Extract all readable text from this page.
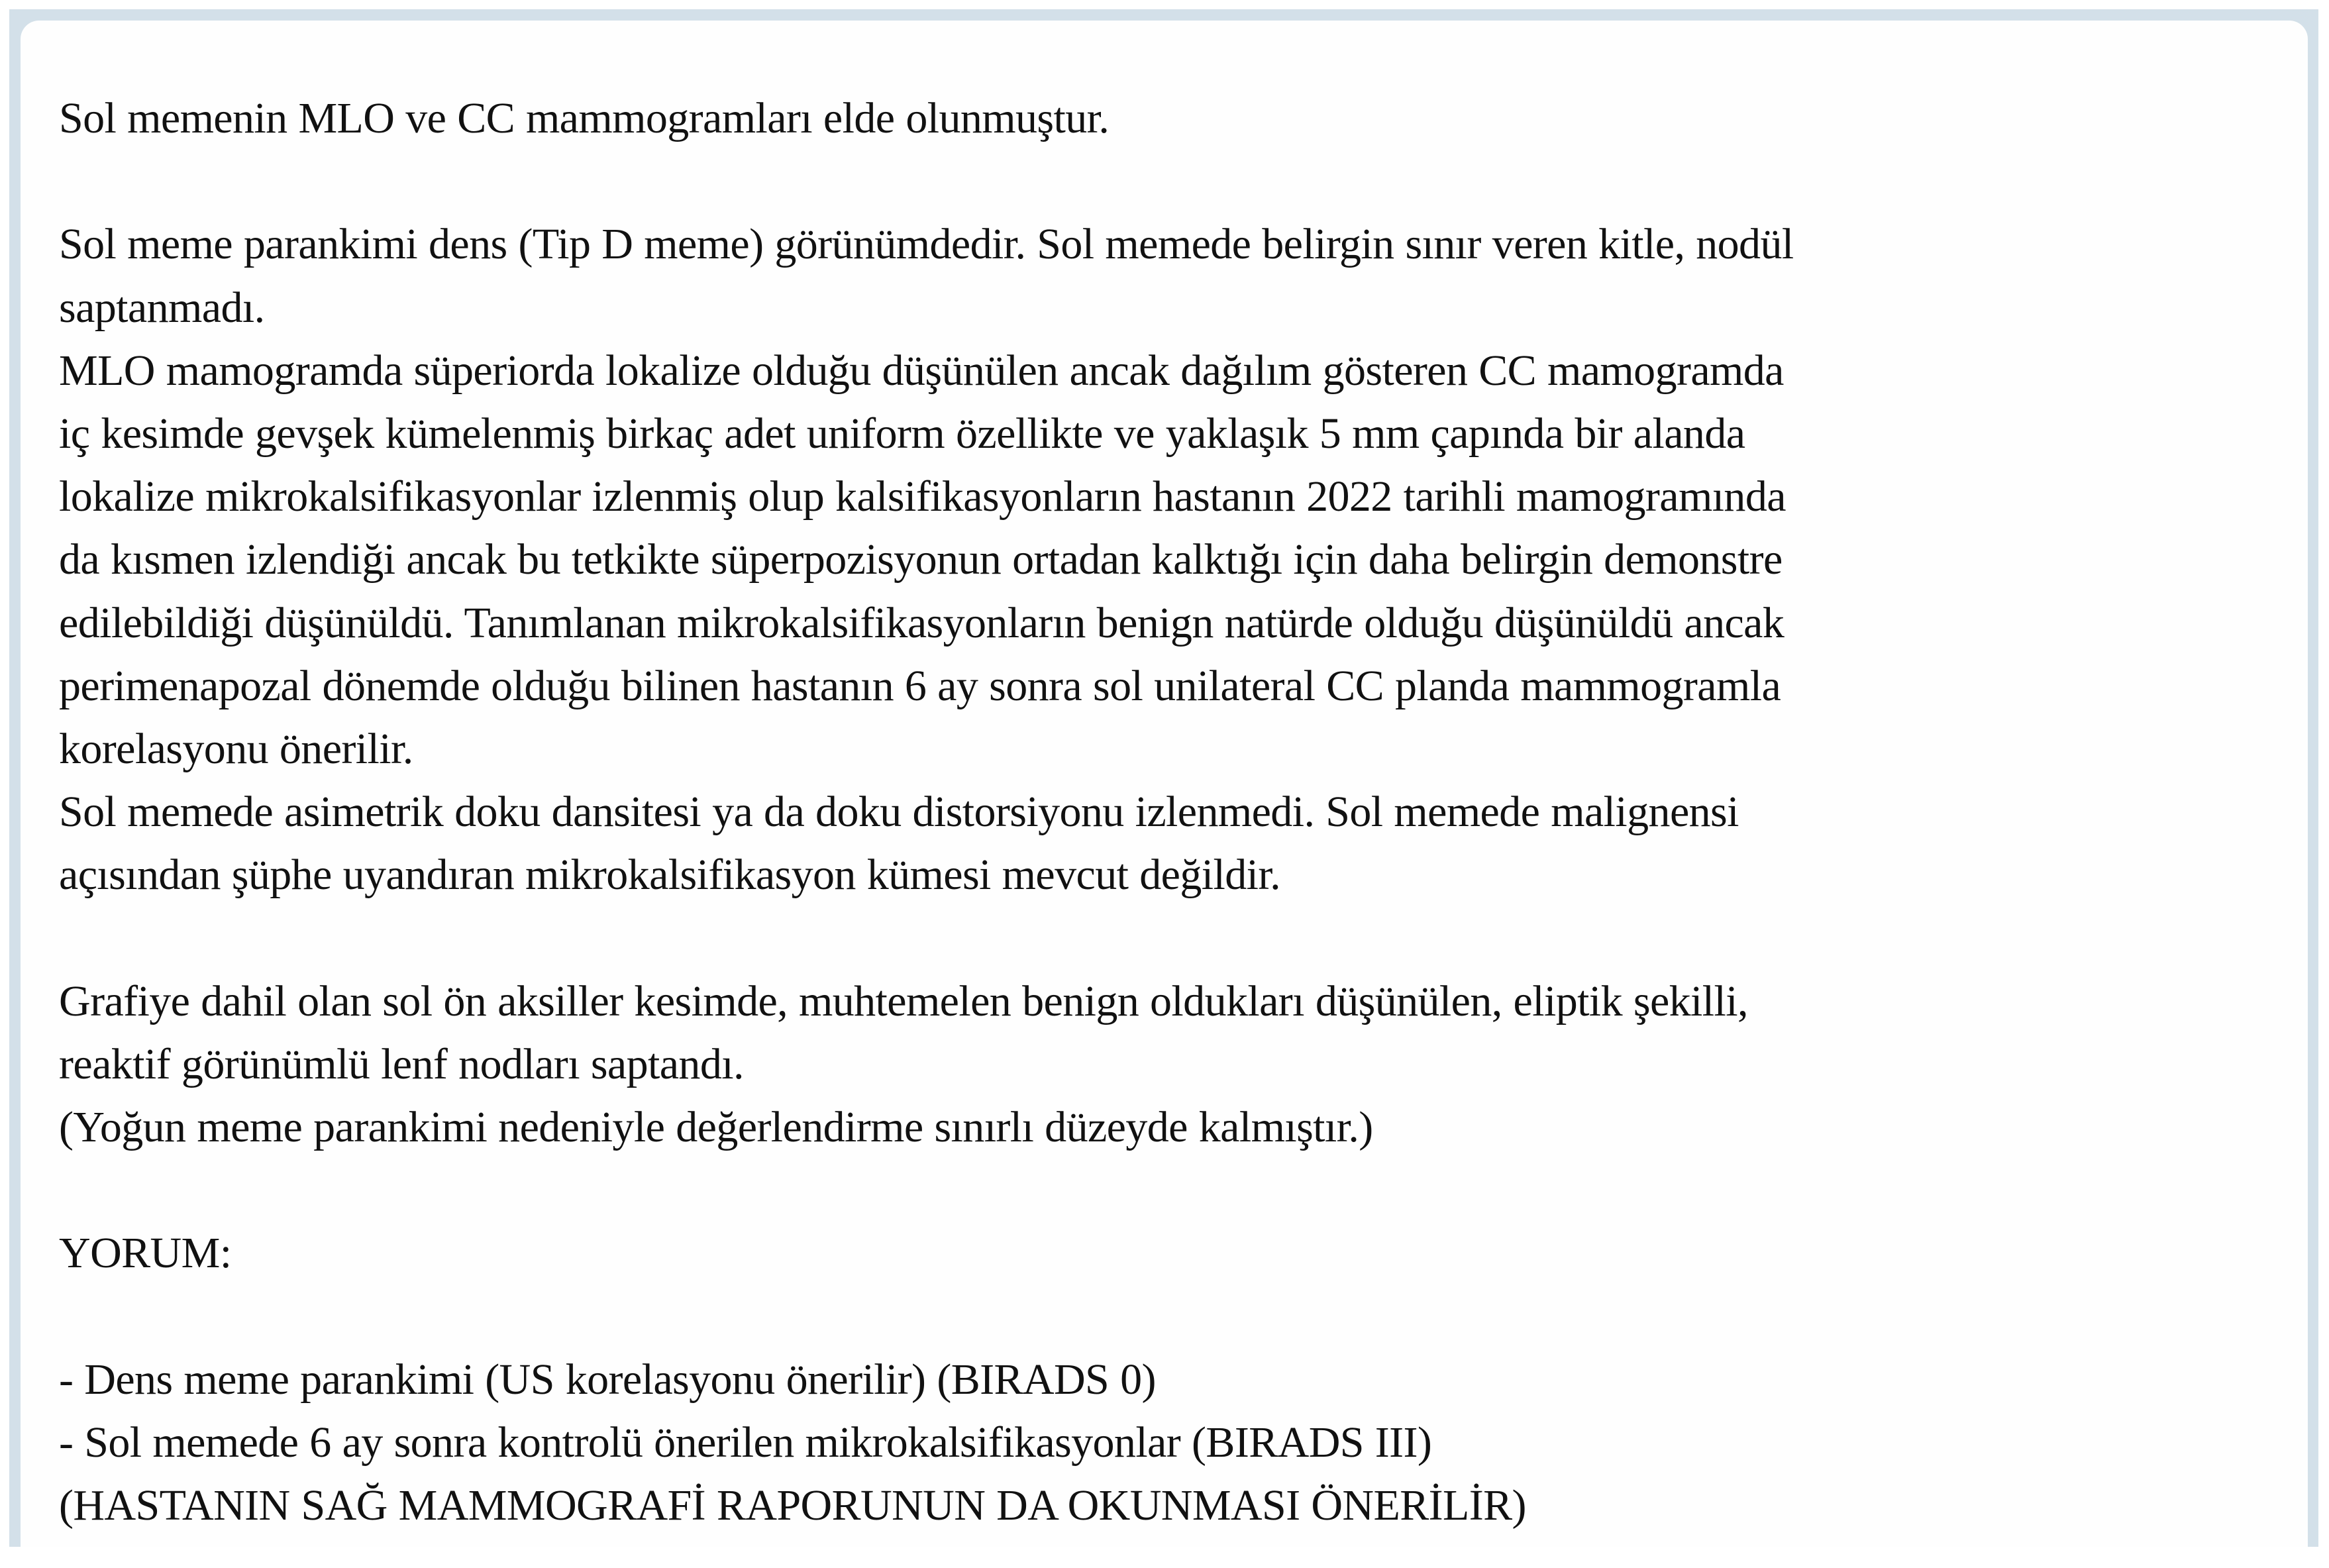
Sol memenin MLO ve CC mammogramları elde olunmuştur.
Sol meme parankimi dens (Tip D meme) görünümdedir. Sol memede belirgin sınır veren kitle, nodül
saptanmadı.
MLO mamogramda süperiorda lokalize olduğu düşünülen ancak dağılım gösteren CC mamogramda
iç kesimde gevşek kümelenmiş birkaç adet uniform özellikte ve yaklaşık 5 mm çapında bir alanda
lokalize mikrokalsifikasyonlar izlenmiş olup kalsifikasyonların hastanın 2022 tarihli mamogramında
da kısmen izlendiği ancak bu tetkikte süperpozisyonun ortadan kalktığı için daha belirgin demonstre
edilebildiği düşünüldü. Tanımlanan mikrokalsifikasyonların benign natürde olduğu düşünüldü ancak
perimenapozal dönemde olduğu bilinen hastanın 6 ay sonra sol unilateral CC planda mammogramla
korelasyonu önerilir.
Sol memede asimetrik doku dansitesi ya da doku distorsiyonu izlenmedi. Sol memede malignensi
açısından şüphe uyandıran mikrokalsifikasyon kümesi mevcut değildir.
Grafiye dahil olan sol ön aksiller kesimde, muhtemelen benign oldukları düşünülen, eliptik şekilli,
reaktif görünümlü lenf nodları saptandı.
(Yoğun meme parankimi nedeniyle değerlendirme sınırlı düzeyde kalmıştır.)
YORUM:
- Dens meme parankimi (US korelasyonu önerilir) (BIRADS 0)
- Sol memede 6 ay sonra kontrolü önerilen mikrokalsifikasyonlar (BIRADS III)
(HASTANIN SAĞ MAMMOGRAFİ RAPORUNUN DA OKUNMASI ÖNERİLİR)
